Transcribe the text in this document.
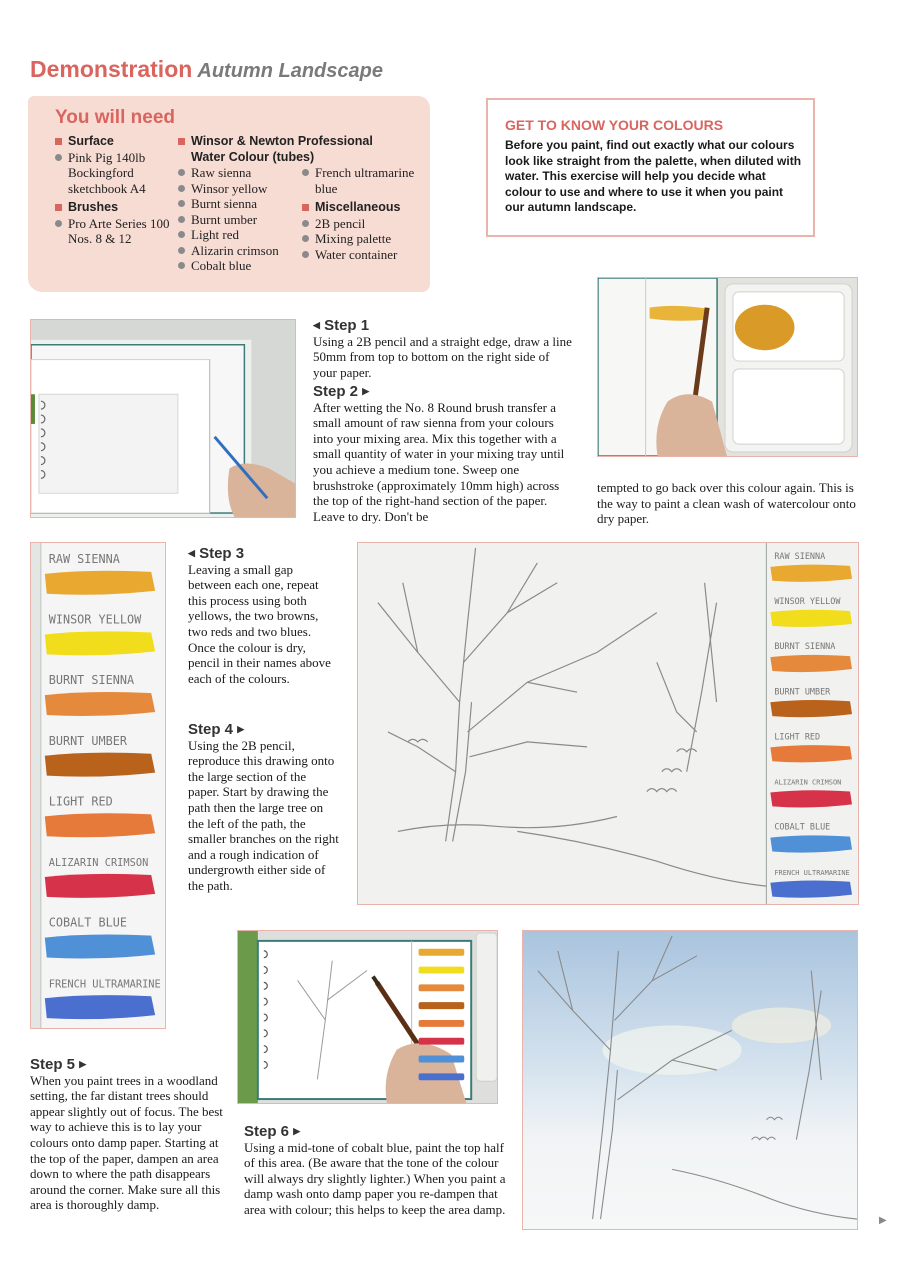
Demonstration Autumn Landscape
You will need
Surface
Pink Pig 140lb Bockingford sketchbook A4
Brushes
Pro Arte Series 100 Nos. 8 & 12
Winsor & Newton Professional Water Colour (tubes)
Raw sienna
Winsor yellow
Burnt sienna
Burnt umber
Light red
Alizarin crimson
Cobalt blue
French ultramarine blue
Miscellaneous
2B pencil
Mixing palette
Water container
GET TO KNOW YOUR COLOURS
Before you paint, find out exactly what our colours look like straight from the palette, when diluted with water. This exercise will help you decide what colour to use and where to use it when you paint our autumn landscape.
◀ Step 1
Using a 2B pencil and a straight edge, draw a line 50mm from top to bottom on the right side of your paper.
Step 2 ▶
After wetting the No. 8 Round brush transfer a small amount of raw sienna from your colours into your mixing area. Mix this together with a small quantity of water in your mixing tray until you achieve a medium tone. Sweep one brushstroke (approximately 10mm high) across the top of the right-hand section of the paper. Leave to dry. Don't be
tempted to go back over this colour again. This is the way to paint a clean wash of watercolour onto dry paper.
RAW SIENNA
WINSOR YELLOW
BURNT SIENNA
BURNT UMBER
LIGHT RED
ALIZARIN CRIMSON
COBALT BLUE
FRENCH ULTRAMARINE
◀ Step 3
Leaving a small gap between each one, repeat this process using both yellows, the two browns, two reds and two blues. Once the colour is dry, pencil in their names above each of the colours.
Step 4 ▶
Using the 2B pencil, reproduce this drawing onto the large section of the paper. Start by drawing the path then the large tree on the left of the path, the smaller branches on the right and a rough indication of undergrowth either side of the path.
RAW SIENNA
WINSOR YELLOW
BURNT SIENNA
BURNT UMBER
LIGHT RED
ALIZARIN CRIMSON
COBALT BLUE
FRENCH ULTRAMARINE
Step 5 ▶
When you paint trees in a woodland setting, the far distant trees should appear slightly out of focus. The best way to achieve this is to lay your colours onto damp paper. Starting at the top of the paper, dampen an area down to where the path disappears around the corner. Make sure all this area is thoroughly damp.
Step 6 ▶
Using a mid-tone of cobalt blue, paint the top half of this area. (Be aware that the tone of the colour will always dry slightly lighter.) When you paint a damp wash onto damp paper you re-dampen that area with colour; this helps to keep the area damp.
▶
